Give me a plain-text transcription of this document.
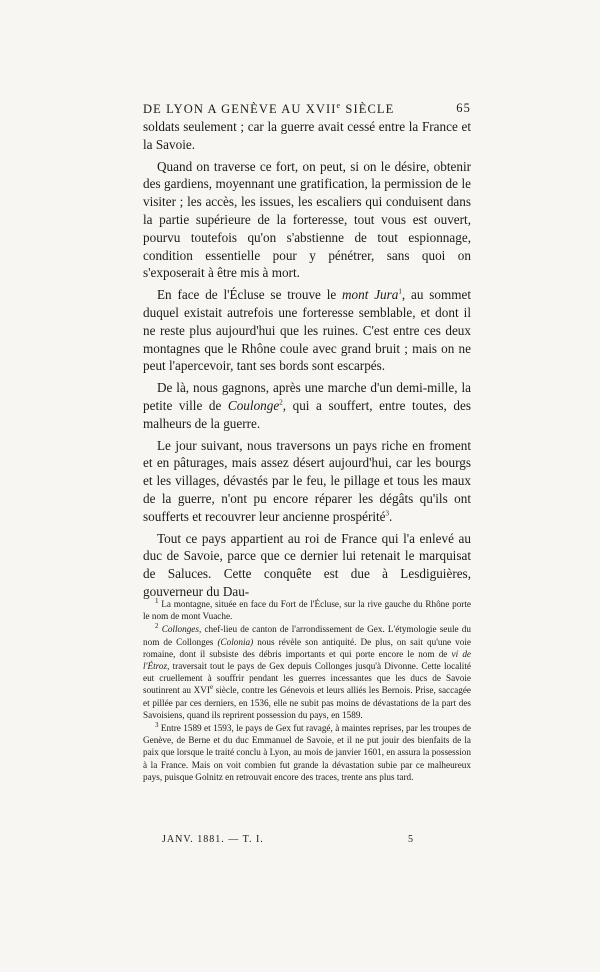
DE LYON A GENÈVE AU XVIIe SIÈCLE	65

soldats seulement ; car la guerre avait cessé entre la France et la Savoie.

Quand on traverse ce fort, on peut, si on le désire, obtenir des gardiens, moyennant une gratification, la permission de le visiter ; les accès, les issues, les escaliers qui conduisent dans la partie supérieure de la forteresse, tout vous est ouvert, pourvu toutefois qu'on s'abstienne de tout espionnage, condition essentielle pour y pénétrer, sans quoi on s'exposerait à être mis à mort.

En face de l'Écluse se trouve le mont Jura$^1$, au sommet duquel existait autrefois une forteresse semblable, et dont il ne reste plus aujourd'hui que les ruines. C'est entre ces deux montagnes que le Rhône coule avec grand bruit ; mais on ne peut l'apercevoir, tant ses bords sont escarpés.

De là, nous gagnons, après une marche d'un demi-mille, la petite ville de Coulonge$^2$, qui a souffert, entre toutes, des malheurs de la guerre.

Le jour suivant, nous traversons un pays riche en froment et en pâturages, mais assez désert aujourd'hui, car les bourgs et les villages, dévastés par le feu, le pillage et tous les maux de la guerre, n'ont pu encore réparer les dégâts qu'ils ont soufferts et recouvrer leur ancienne prospérité$^3$.

Tout ce pays appartient au roi de France qui l'a enlevé au duc de Savoie, parce que ce dernier lui retenait le marquisat de Saluces. Cette conquête est due à Lesdiguières, gouverneur du Dau-

$^1$ La montagne, située en face du Fort de l'Écluse, sur la rive gauche du Rhône porte le nom de mont Vuache.

$^2$ Collonges, chef-lieu de canton de l'arrondissement de Gex. L'étymologie seule du nom de Collonges (Colonia) nous révèle son antiquité. De plus, on sait qu'une voie romaine, dont il subsiste des débris importants et qui porte encore le nom de vi de l'Étroz, traversait tout le pays de Gex depuis Collonges jusqu'à Divonne. Cette localité eut cruellement à souffrir pendant les guerres incessantes que les ducs de Savoie soutinrent au XVIe siècle, contre les Génevois et leurs alliés les Bernois. Prise, saccagée et pillée par ces derniers, en 1536, elle ne subit pas moins de dévastations de la part des Savoisiens, quand ils reprirent possession du pays, en 1589.

$^3$ Entre 1589 et 1593, le pays de Gex fut ravagé, à maintes reprises, par les troupes de Genève, de Berne et du duc Emmanuel de Savoie, et il ne put jouir des bienfaits de la paix que lorsque le traité conclu à Lyon, au mois de janvier 1601, en assura la possession à la France. Mais on voit combien fut grande la dévastation subie par ce malheureux pays, puisque Golnitz en retrouvait encore des traces, trente ans plus tard.

JANV. 1881. — T. I.	5
